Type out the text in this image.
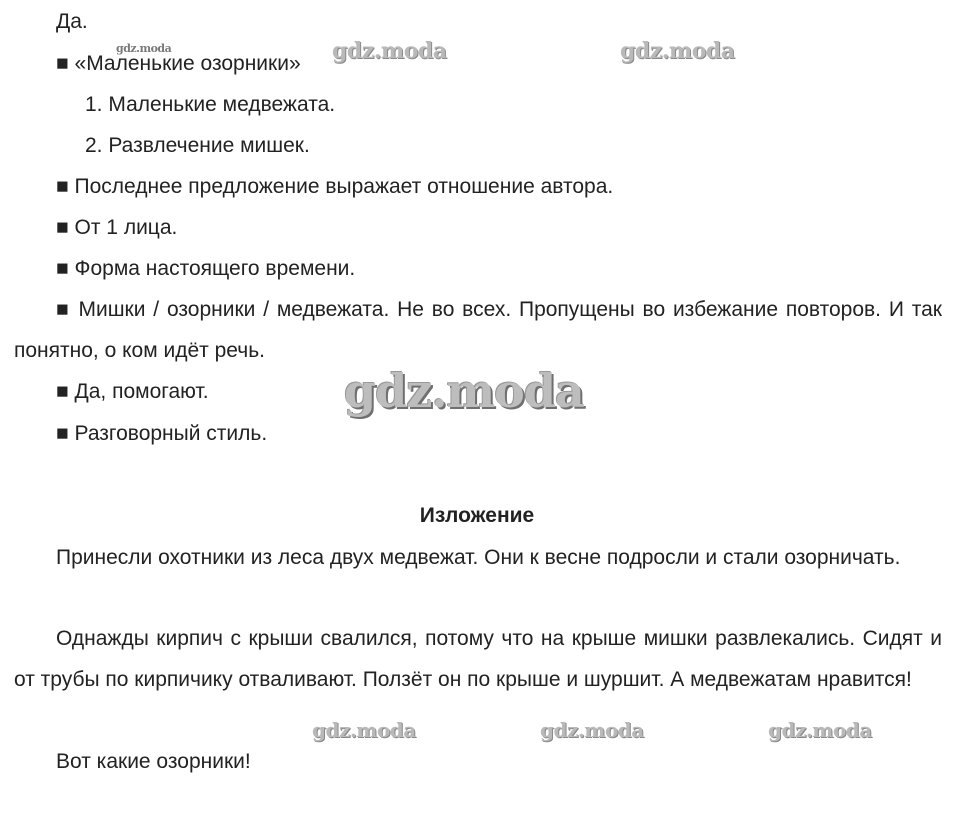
Да.
■ «Маленькие озорники»
1. Маленькие медвежата.
2. Развлечение мишек.
■ Последнее предложение выражает отношение автора.
■ От 1 лица.
■ Форма настоящего времени.
■ Мишки / озорники / медвежата. Не во всех. Пропущены во избежание повторов. И так понятно, о ком идёт речь.
■ Да, помогают.
■ Разговорный стиль.
Изложение
Принесли охотники из леса двух медвежат. Они к весне подросли и стали озорничать.
Однажды кирпич с крыши свалился, потому что на крыше мишки развлекались. Сидят и от трубы по кирпичику отваливают. Ползёт он по крыше и шуршит. А медвежатам нравится!
Вот какие озорники!
gdz.moda	gdz.moda	gdz.moda
gdz.moda
gdz.moda	gdz.moda	gdz.moda
